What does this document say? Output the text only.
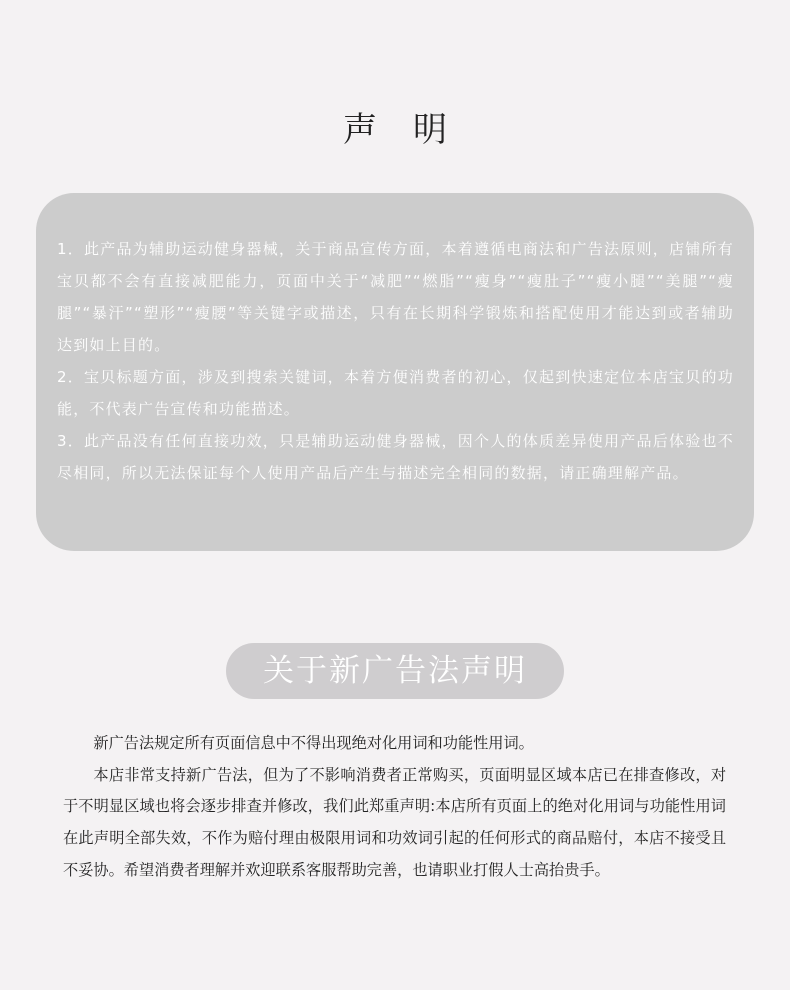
声明

1．此产品为辅助运动健身器械，关于商品宣传方面，本着遵循电商法和广告法原则，店铺所有宝贝都不会有直接减肥能力，页面中关于“减肥”“燃脂”“瘦身”“瘦肚子”“瘦小腿”“美腿”“瘦腿”“暴汗”“塑形”“瘦腰”等关键字或描述，只有在长期科学锻炼和搭配使用才能达到或者辅助达到如上目的。

2．宝贝标题方面，涉及到搜索关键词，本着方便消费者的初心，仅起到快速定位本店宝贝的功能，不代表广告宣传和功能描述。

3．此产品没有任何直接功效，只是辅助运动健身器械，因个人的体质差异使用产品后体验也不尽相同，所以无法保证每个人使用产品后产生与描述完全相同的数据，请正确理解产品。

关于新广告法声明

新广告法规定所有页面信息中不得出现绝对化用词和功能性用词。

本店非常支持新广告法，但为了不影响消费者正常购买，页面明显区域本店已在排查修改，对于不明显区域也将会逐步排查并修改，我们此郑重声明:本店所有页面上的绝对化用词与功能性用词在此声明全部失效，不作为赔付理由极限用词和功效词引起的任何形式的商品赔付，本店不接受且不妥协。希望消费者理解并欢迎联系客服帮助完善，也请职业打假人士高抬贵手。
